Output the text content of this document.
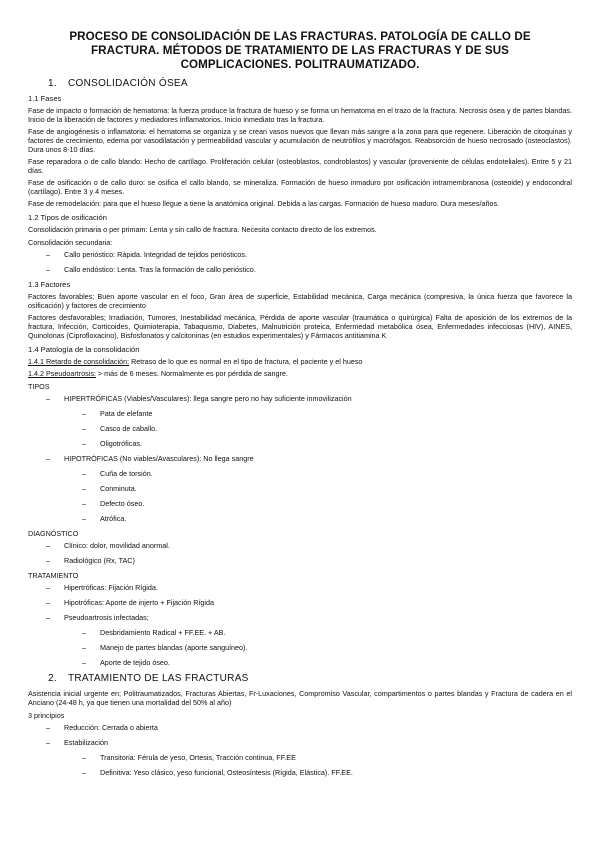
PROCESO DE CONSOLIDACIÓN DE LAS FRACTURAS. PATOLOGÍA DE CALLO DE FRACTURA. MÉTODOS DE TRATAMIENTO DE LAS FRACTURAS Y DE SUS COMPLICACIONES. POLITRAUMATIZADO.
1. CONSOLIDACIÓN ÓSEA
1.1 Fases
Fase de impacto o formación de hematoma: la fuerza produce la fractura de hueso y se forma un hematoma en el trazo de la fractura. Necrosis ósea y de partes blandas. Inicio de la liberación de factores y mediadores inflamatorios. Inicio inmediato tras la fractura.
Fase de angiogénesis o inflamatoria: el hematoma se organiza y se crean vasos nuevos que llevan más sangre a la zona para que regenere. Liberación de citoquinas y factores de crecimiento, edema por vasodilatación y permeabilidad vascular y acumulación de neutrófilos y macrófagos. Reabsorción de hueso necrosado (osteoclastos). Dura unos 8-10 días.
Fase reparadora o de callo blando: Hecho de cartílago. Proliferación celular (osteoblastos, condroblastos) y vascular (proveniente de células endoteliales). Entre 5 y 21 días.
Fase de osificación o de callo duro: se osifica el callo blando, se mineraliza. Formación de hueso inmaduro por osificación intramembranosa (osteoide) y endocondral (cartílago). Entre 3 y 4 meses.
Fase de remodelación: para que el hueso llegue a tiene la anatómica original. Debida a las cargas. Formación de hueso maduro. Dura meses/años.
1.2 Tipos de osificación
Consolidación primaria o per primam: Lenta y sin callo de fractura. Necesita contacto directo de los extremos.
Consolidación secundaria:
– Callo perióstico: Rápida. Integridad de tejidos periósticos.
– Callo endóstico: Lenta. Tras la formación de callo perióstico.
1.3 Factores
Factores favorables; Buen aporte vascular en el foco, Gran área de superficie, Estabilidad mecánica, Carga mecánica (compresiva, la única fuerza que favorece la osificación) y factores de crecimiento
Factores desfavorables; Irradiación, Tumores, Inestabilidad mecánica, Pérdida de aporte vascular (traumática o quirúrgica) Falta de aposición de los extremos de la fractura, Infección, Corticoides, Quimioterapia, Tabaquismo, Diabetes, Malnutrición proteica, Enfermedad metabólica ósea, Enfermedades infecciosas (HIV), AINES, Quinolonas (Ciprofloxacino), Bisfosfonatos y calcitoninas (en estudios experimentales) y Fármacos antitiamina K
1.4 Patología de la consolidación
1.4.1 Retardo de consolidación: Retraso de lo que es normal en el tipo de fractura, el paciente y el hueso
1.4.2 Pseudoartrosis: > más de 6 meses. Normalmente es por pérdida de sangre.
TIPOS
– HIPERTRÓFICAS (Viables/Vasculares): llega sangre pero no hay suficiente inmovilización
– Pata de elefante
– Casco de caballo.
– Oligotróficas.
– HIPOTRÓFICAS (No viables/Avasculares): No llega sangre
– Cuña de torsión.
– Conminuta.
– Defecto óseo.
– Atrófica.
DIAGNÓSTICO
– Clínico: dolor, movilidad anormal.
– Radiológico (Rx, TAC)
TRATAMIENTO
– Hipertróficas: Fijación Rígida.
– Hipotróficas: Aporte de injerto + Fijación Rígida
– Pseudoartrosis infectadas;
– Desbridamiento Radical + FF.EE. + AB.
– Manejo de partes blandas (aporte sanguíneo).
– Aporte de tejido óseo.
2. TRATAMIENTO DE LAS FRACTURAS
Asistencia inicial urgente en; Politraumatizados, Fracturas Abiertas, Fr-Luxaciones, Compromiso Vascular, compartimentos o partes blandas y Fractura de cadera en el Anciano (24-48 h, ya que tienen una mortalidad del 50% al año)
3 principios
– Reducción: Cerrada o abierta
– Estabilización
– Transitoria: Férula de yeso, Ortesis, Tracción continua, FF.EE
– Definitiva: Yeso clásico, yeso funcional, Osteosíntesis (Rígida, Elástica). FF.EE.
